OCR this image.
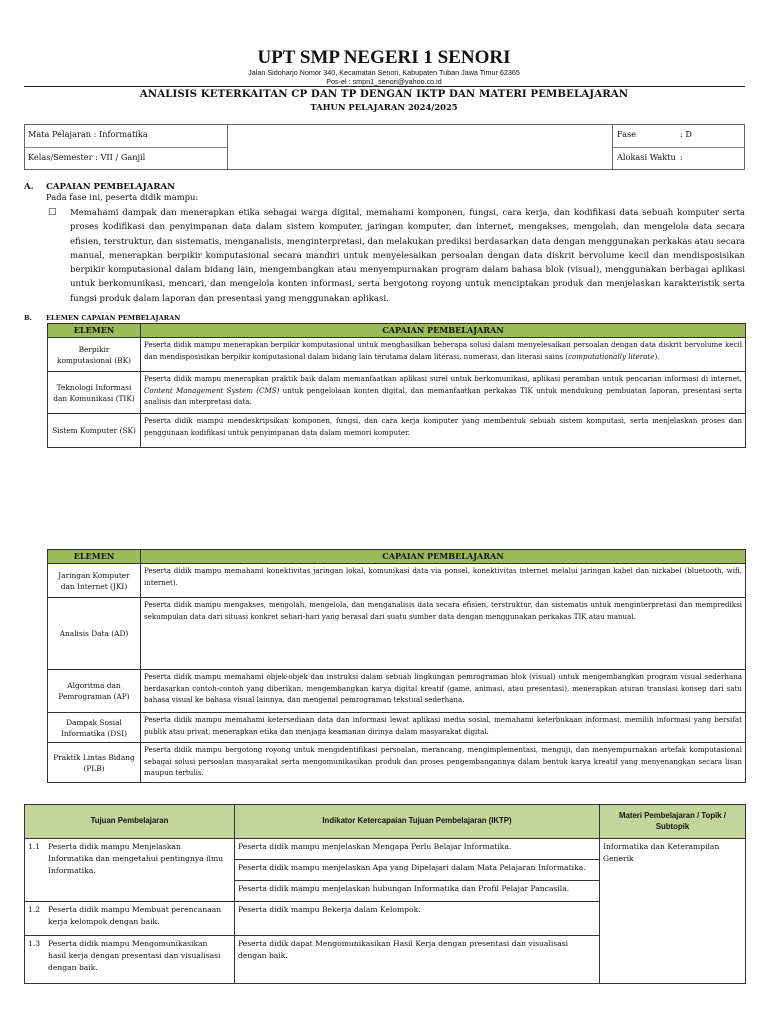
UPT SMP NEGERI 1 SENORI
Jalan Sidoharjo Nomor 340, Kecamatan Senori, Kabupaten Tuban Jawa Timur 62365
Pos-el : smpn1_senori@yahoo.co.id
ANALISIS KETERKAITAN CP DAN TP DENGAN IKTP DAN MATERI PEMBELAJARAN
TAHUN PELAJARAN 2024/2025
Mata Pelajaran : Informatika
Kelas/Semester : VII / Ganjil
Fase	: D
Alokasi Waktu :
A. CAPAIAN PEMBELAJARAN
Pada fase ini, peserta didik mampu:
□ Memahami dampak dan menerapkan etika sebagai warga digital, memahami komponen, fungsi, cara kerja, dan kodifikasi data sebuah komputer serta proses kodifikasi dan penyimpanan data dalam sistem komputer, jaringan komputer, dan internet, mengakses, mengolah, dan mengelola data secara efisien, terstruktur, dan sistematis, menganalisis, menginterpretasi, dan melakukan prediksi berdasarkan data dengan menggunakan perkakas atau secara manual, menerapkan berpikir komputasional secara mandiri untuk menyelesaikan persoalan dengan data diskrit bervolume kecil dan mendisposisikan berpikir komputasional dalam bidang lain, mengembangkan atau menyempurnakan program dalam bahasa blok (visual), menggunakan berbagai aplikasi untuk berkomunikasi, mencari, dan mengelola konten informasi, serta bergotong royong untuk menciptakan produk dan menjelaskan karakteristik serta fungsi produk dalam laporan dan presentasi yang menggunakan aplikasi.
B. ELEMEN CAPAIAN PEMBELAJARAN
ELEMEN	CAPAIAN PEMBELAJARAN
Berpikir komputasional (BK)	Peserta didik mampu menerapkan berpikir komputasional untuk menghasilkan beberapa solusi dalam menyelesaikan persoalan dengan data diskrit bervolume kecil dan mendisposisikan berpikir komputasional dalam bidang lain terutama dalam literasi, numerasi, dan literasi sains (computationally literate).
Teknologi Informasi dan Komunikasi (TIK)	Peserta didik mampu menerapkan praktik baik dalam memanfaatkan aplikasi surel untuk berkomunikasi, aplikasi peramban untuk pencarian informasi di internet, Content Management System (CMS) untuk pengelolaan konten digital, dan memanfaatkan perkakas TIK untuk mendukung pembuatan laporan, presentasi serta analisis dan interpretasi data.
Sistem Komputer (SK)	Peserta didik mampu mendeskripsikan komponen, fungsi, dan cara kerja komputer yang membentuk sebuah sistem komputasi, serta menjelaskan proses dan penggunaan kodifikasi untuk penyimpanan data dalam memori komputer.
ELEMEN	CAPAIAN PEMBELAJARAN
Jaringan Komputer dan Internet (JKI)	Peserta didik mampu memahami konektivitas jaringan lokal, komunikasi data via ponsel, konektivitas internet melalui jaringan kabel dan nirkabel (bluetooth, wifi, internet).
Analisis Data (AD)	Peserta didik mampu mengakses, mengolah, mengelola, dan menganalisis data secara efisien, terstruktur, dan sistematis untuk menginterpretasi dan memprediksi sekumpulan data dari situasi konkret sehari-hari yang berasal dari suatu sumber data dengan menggunakan perkakas TIK atau manual.
Algoritma dan Pemrograman (AP)	Peserta didik mampu memahami objek-objek dan instruksi dalam sebuah lingkungan pemrograman blok (visual) untuk mengembangkan program visual sederhana berdasarkan contoh-contoh yang diberikan, mengembangkan karya digital kreatif (game, animasi, atau presentasi), menerapkan aturan translasi konsep dari satu bahasa visual ke bahasa visual lainnya, dan mengenal pemrograman tekstual sederhana.
Dampak Sosial Informatika (DSI)	Peserta didik mampu memahami ketersediaan data dan informasi lewat aplikasi media sosial, memahami keterbukaan informasi, memilih informasi yang bersifat publik atau privat, menerapkan etika dan menjaga keamanan dirinya dalam masyarakat digital.
Praktik Lintas Bidang (PLB)	Peserta didik mampu bergotong royong untuk mengidentifikasi persoalan, merancang, mengimplementasi, menguji, dan menyempurnakan artefak komputasional sebagai solusi persoalan masyarakat serta mengomunikasikan produk dan proses pengembangannya dalam bentuk karya kreatif yang menyenangkan secara lisan maupun tertulis.
Tujuan Pembelajaran	Indikator Ketercapaian Tujuan Pembelajaran (IKTP)	Materi Pembelajaran / Topik / Subtopik
1.1 Peserta didik mampu Menjelaskan Informatika dan mengetahui pentingnya ilmu Informatika.	Peserta didik mampu menjelaskan Mengapa Perlu Belajar Informatika.
Peserta didik mampu menjelaskan Apa yang Dipelajari dalam Mata Pelajaran Informatika.
Peserta didik mampu menjelaskan hubungan Informatika dan Profil Pelajar Pancasila.	Informatika dan Keterampilan Generik
1.2 Peserta didik mampu Membuat perencanaan kerja kelompok dengan baik.	Peserta didik mampu Bekerja dalam Kelompok.	
1.3 Peserta didik mampu Mengomunikasikan hasil kerja dengan presentasi dan visualisasi dengan baik.	Peserta didik dapat Mengomunikasikan Hasil Kerja dengan presentasi dan visualisasi dengan baik.	
